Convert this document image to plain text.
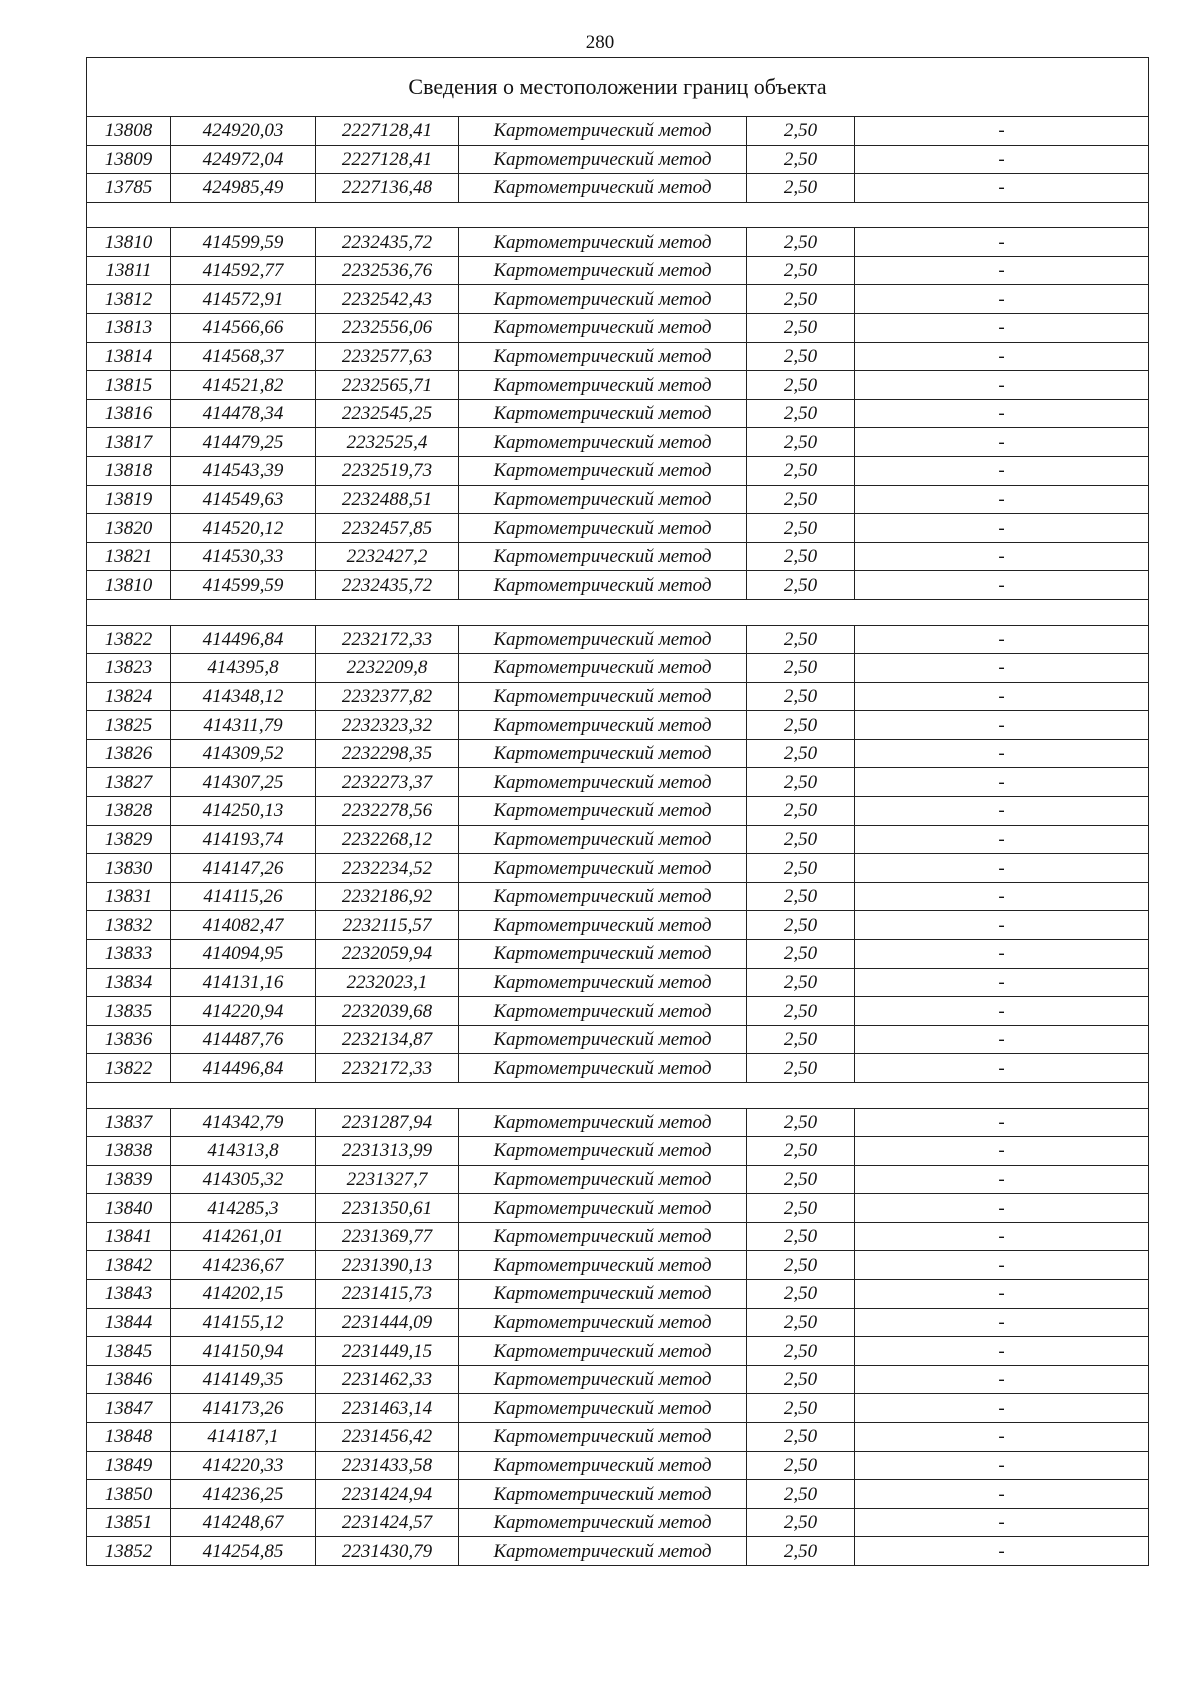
280
Сведения о местоположении границ объекта					
13808	424920,03	2227128,41	Картометрический метод	2,50	-
13809	424972,04	2227128,41	Картометрический метод	2,50	-
13785	424985,49	2227136,48	Картометрический метод	2,50	-

13810	414599,59	2232435,72	Картометрический метод	2,50	-
13811	414592,77	2232536,76	Картометрический метод	2,50	-
13812	414572,91	2232542,43	Картометрический метод	2,50	-
13813	414566,66	2232556,06	Картометрический метод	2,50	-
13814	414568,37	2232577,63	Картометрический метод	2,50	-
13815	414521,82	2232565,71	Картометрический метод	2,50	-
13816	414478,34	2232545,25	Картометрический метод	2,50	-
13817	414479,25	2232525,4	Картометрический метод	2,50	-
13818	414543,39	2232519,73	Картометрический метод	2,50	-
13819	414549,63	2232488,51	Картометрический метод	2,50	-
13820	414520,12	2232457,85	Картометрический метод	2,50	-
13821	414530,33	2232427,2	Картометрический метод	2,50	-
13810	414599,59	2232435,72	Картометрический метод	2,50	-

13822	414496,84	2232172,33	Картометрический метод	2,50	-
13823	414395,8	2232209,8	Картометрический метод	2,50	-
13824	414348,12	2232377,82	Картометрический метод	2,50	-
13825	414311,79	2232323,32	Картометрический метод	2,50	-
13826	414309,52	2232298,35	Картометрический метод	2,50	-
13827	414307,25	2232273,37	Картометрический метод	2,50	-
13828	414250,13	2232278,56	Картометрический метод	2,50	-
13829	414193,74	2232268,12	Картометрический метод	2,50	-
13830	414147,26	2232234,52	Картометрический метод	2,50	-
13831	414115,26	2232186,92	Картометрический метод	2,50	-
13832	414082,47	2232115,57	Картометрический метод	2,50	-
13833	414094,95	2232059,94	Картометрический метод	2,50	-
13834	414131,16	2232023,1	Картометрический метод	2,50	-
13835	414220,94	2232039,68	Картометрический метод	2,50	-
13836	414487,76	2232134,87	Картометрический метод	2,50	-
13822	414496,84	2232172,33	Картометрический метод	2,50	-

13837	414342,79	2231287,94	Картометрический метод	2,50	-
13838	414313,8	2231313,99	Картометрический метод	2,50	-
13839	414305,32	2231327,7	Картометрический метод	2,50	-
13840	414285,3	2231350,61	Картометрический метод	2,50	-
13841	414261,01	2231369,77	Картометрический метод	2,50	-
13842	414236,67	2231390,13	Картометрический метод	2,50	-
13843	414202,15	2231415,73	Картометрический метод	2,50	-
13844	414155,12	2231444,09	Картометрический метод	2,50	-
13845	414150,94	2231449,15	Картометрический метод	2,50	-
13846	414149,35	2231462,33	Картометрический метод	2,50	-
13847	414173,26	2231463,14	Картометрический метод	2,50	-
13848	414187,1	2231456,42	Картометрический метод	2,50	-
13849	414220,33	2231433,58	Картометрический метод	2,50	-
13850	414236,25	2231424,94	Картометрический метод	2,50	-
13851	414248,67	2231424,57	Картометрический метод	2,50	-
13852	414254,85	2231430,79	Картометрический метод	2,50	-
